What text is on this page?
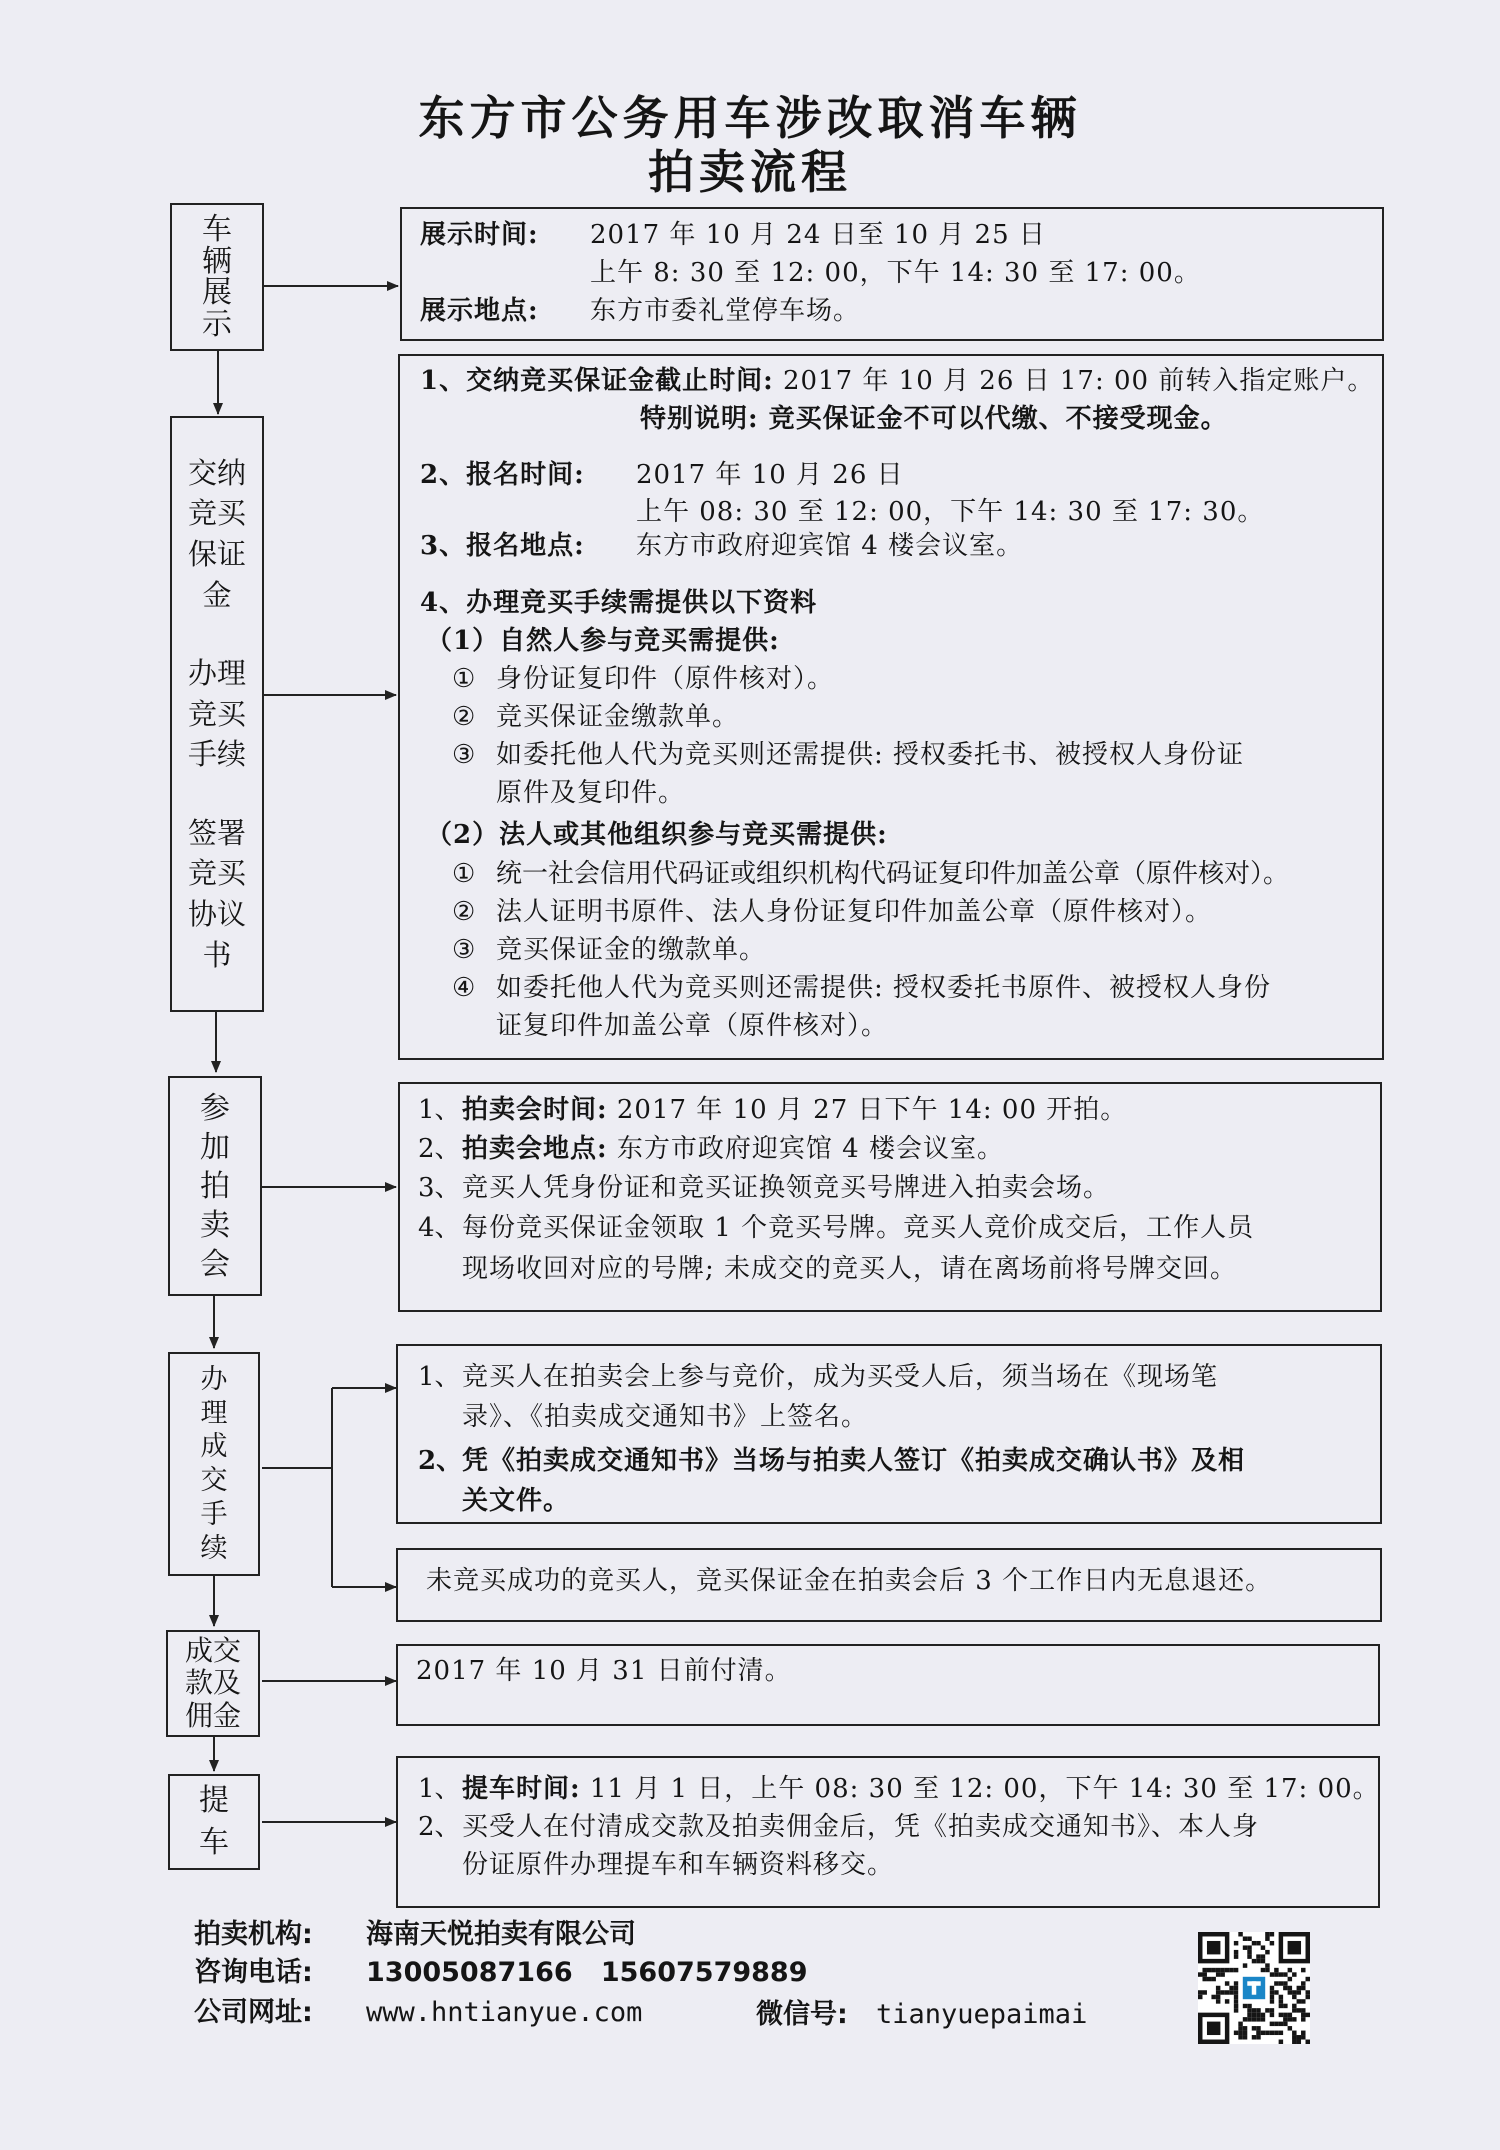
东方市公务用车涉改取消车辆
拍卖流程
车
辆
展
示
交纳
竞买
保证
金
办理
竞买
手续
签署
竞买
协议
书
参
加
拍
卖
会
办
理
成
交
手
续
成交
款及
佣金
提
车
展示时间: 2017 年 10 月 24 日至 10 月 25 日
上午 8: 30 至 12: 00，下午 14: 30 至 17: 00。
展示地点: 东方市委礼堂停车场。
1、交纳竞买保证金截止时间: 2017 年 10 月 26 日 17: 00 前转入指定账户。
特别说明: 竞买保证金不可以代缴、不接受现金。
2、报名时间: 2017 年 10 月 26 日
上午 08: 30 至 12: 00，下午 14: 30 至 17: 30。
3、报名地点: 东方市政府迎宾馆 4 楼会议室。
4、办理竞买手续需提供以下资料
（1）自然人参与竞买需提供:
① 身份证复印件（原件核对）。
② 竞买保证金缴款单。
③ 如委托他人代为竞买则还需提供: 授权委托书、被授权人身份证
原件及复印件。
（2）法人或其他组织参与竞买需提供:
① 统一社会信用代码证或组织机构代码证复印件加盖公章（原件核对）。
② 法人证明书原件、法人身份证复印件加盖公章（原件核对）。
③ 竞买保证金的缴款单。
④ 如委托他人代为竞买则还需提供: 授权委托书原件、被授权人身份
证复印件加盖公章（原件核对）。
1、 拍卖会时间: 2017 年 10 月 27 日下午 14: 00 开拍。
2、 拍卖会地点: 东方市政府迎宾馆 4 楼会议室。
3、 竞买人凭身份证和竞买证换领竞买号牌进入拍卖会场。
4、 每份竞买保证金领取 1 个竞买号牌。竞买人竞价成交后，工作人员
现场收回对应的号牌; 未成交的竞买人，请在离场前将号牌交回。
1、 竞买人在拍卖会上参与竞价，成为买受人后，须当场在《现场笔
录》、《拍卖成交通知书》上签名。
2、 凭《拍卖成交通知书》当场与拍卖人签订《拍卖成交确认书》及相
关文件。
未竞买成功的竞买人，竞买保证金在拍卖会后 3 个工作日内无息退还。
2017 年 10 月 31 日前付清。
1、 提车时间: 11 月 1 日，上午 08: 30 至 12: 00，下午 14: 30 至 17: 00。
2、 买受人在付清成交款及拍卖佣金后，凭《拍卖成交通知书》、本人身
份证原件办理提车和车辆资料移交。
拍卖机构: 海南天悦拍卖有限公司
咨询电话: 13005087166   15607579889
公司网址: www.hntianyue.com	微信号: tianyuepaimai
